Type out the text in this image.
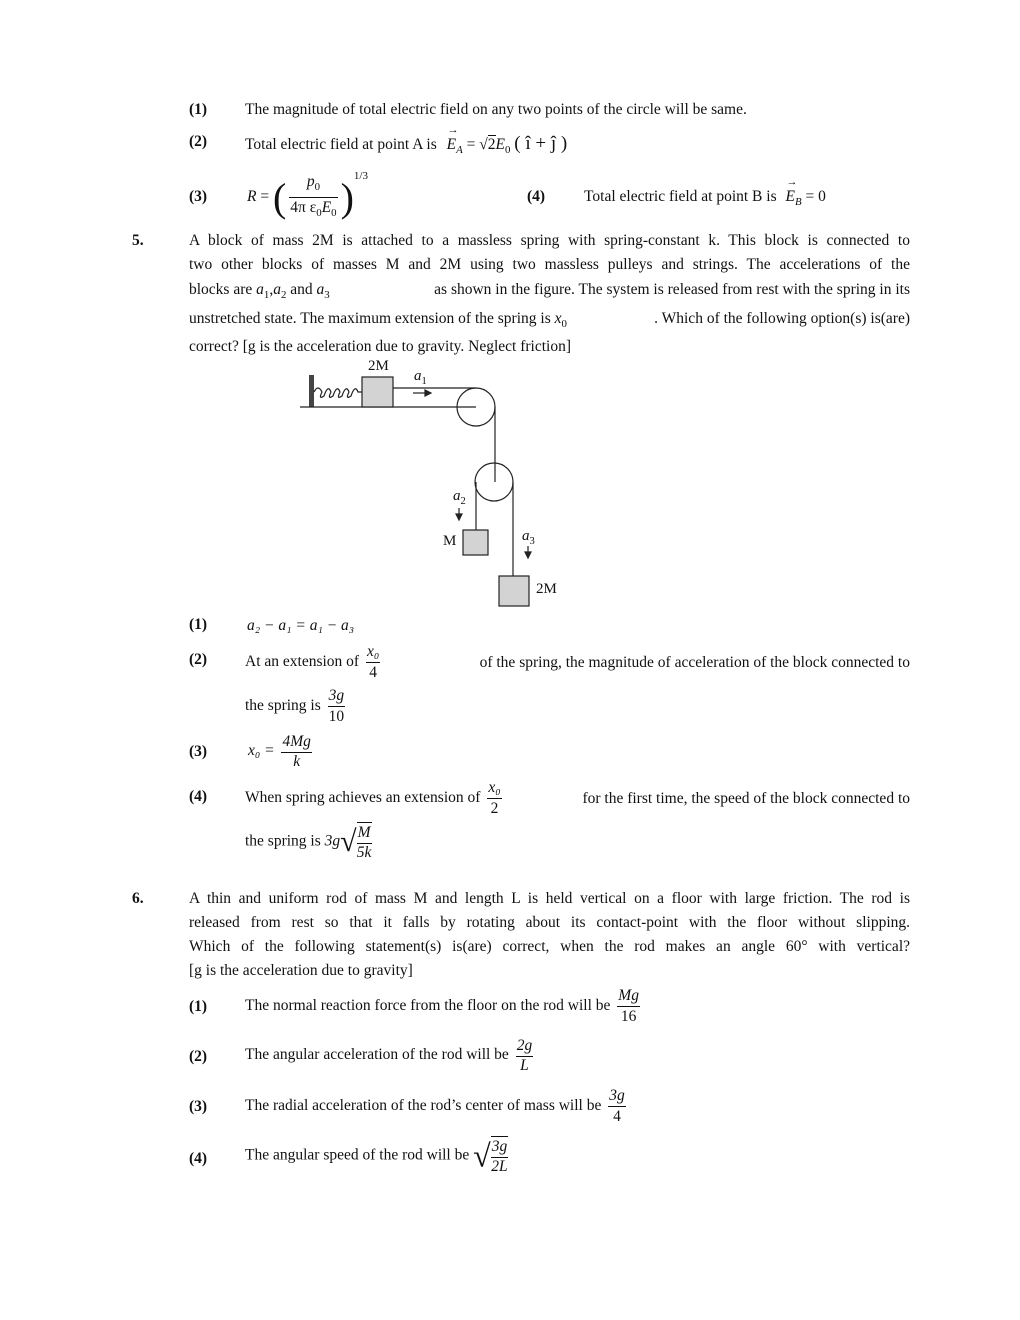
(1) The magnitude of total electric field on any two points of the circle will be same.
(2) Total electric field at point A is → $E_A = √2E_0$ ( î + ĵ )
(3)	R = ( $\frac{p_0}{4\pi \varepsilon_0E_0} )^{1/3}$
(4)	Total electric field at point B is → $E_B = 0$
5.	A block of mass 2M is attached to a massless spring with spring-constant k. This block is connected to
two other blocks of masses M and 2M using two massless pulleys and strings. The accelerations of the
blocks are $a_1,a_2$ and $a_3$	as shown in the figure. The system is released from rest with the spring in its
unstretched state. The maximum extension of the spring is $x_0$	. Which of the following option(s) is(are)
correct? [g is the acceleration due to gravity. Neglect friction]
2M
$a_1$
$a_2$
M	$a_3$
2M
(1)	a₂ − a₁ = a₁ − a₃
(2) At an extension of $\frac{\text{x₀}}{4}$	of the spring, the magnitude of acceleration of the block connected to
the spring is $\frac{3g}{10}$
(3)	$x_0 = \frac{4Mg}{k}$
(4) When spring achieves an extension of $\frac{\text{x₀}}{2}$	for the first time, the speed of the block connected to
the spring is $3g√ \frac{M}{5k}$
6.	A thin and uniform rod of mass M and length L is held vertical on a floor with large friction. The rod is
released from rest so that it falls by rotating about its contact-point with the floor without slipping.
Which of the following statement(s) is(are) correct, when the rod makes an angle 60° with vertical?
[g is the acceleration due to gravity]
(1) The normal reaction force from the floor on the rod will be $\frac{Mg}{16}$
(2) The angular acceleration of the rod will be $\frac{2g}{L}$
(3) The radial acceleration of the rod’s center of mass will be $\frac{3g}{4}$
(4) The angular speed of the rod will be √ $\frac{3g}{2L}$
